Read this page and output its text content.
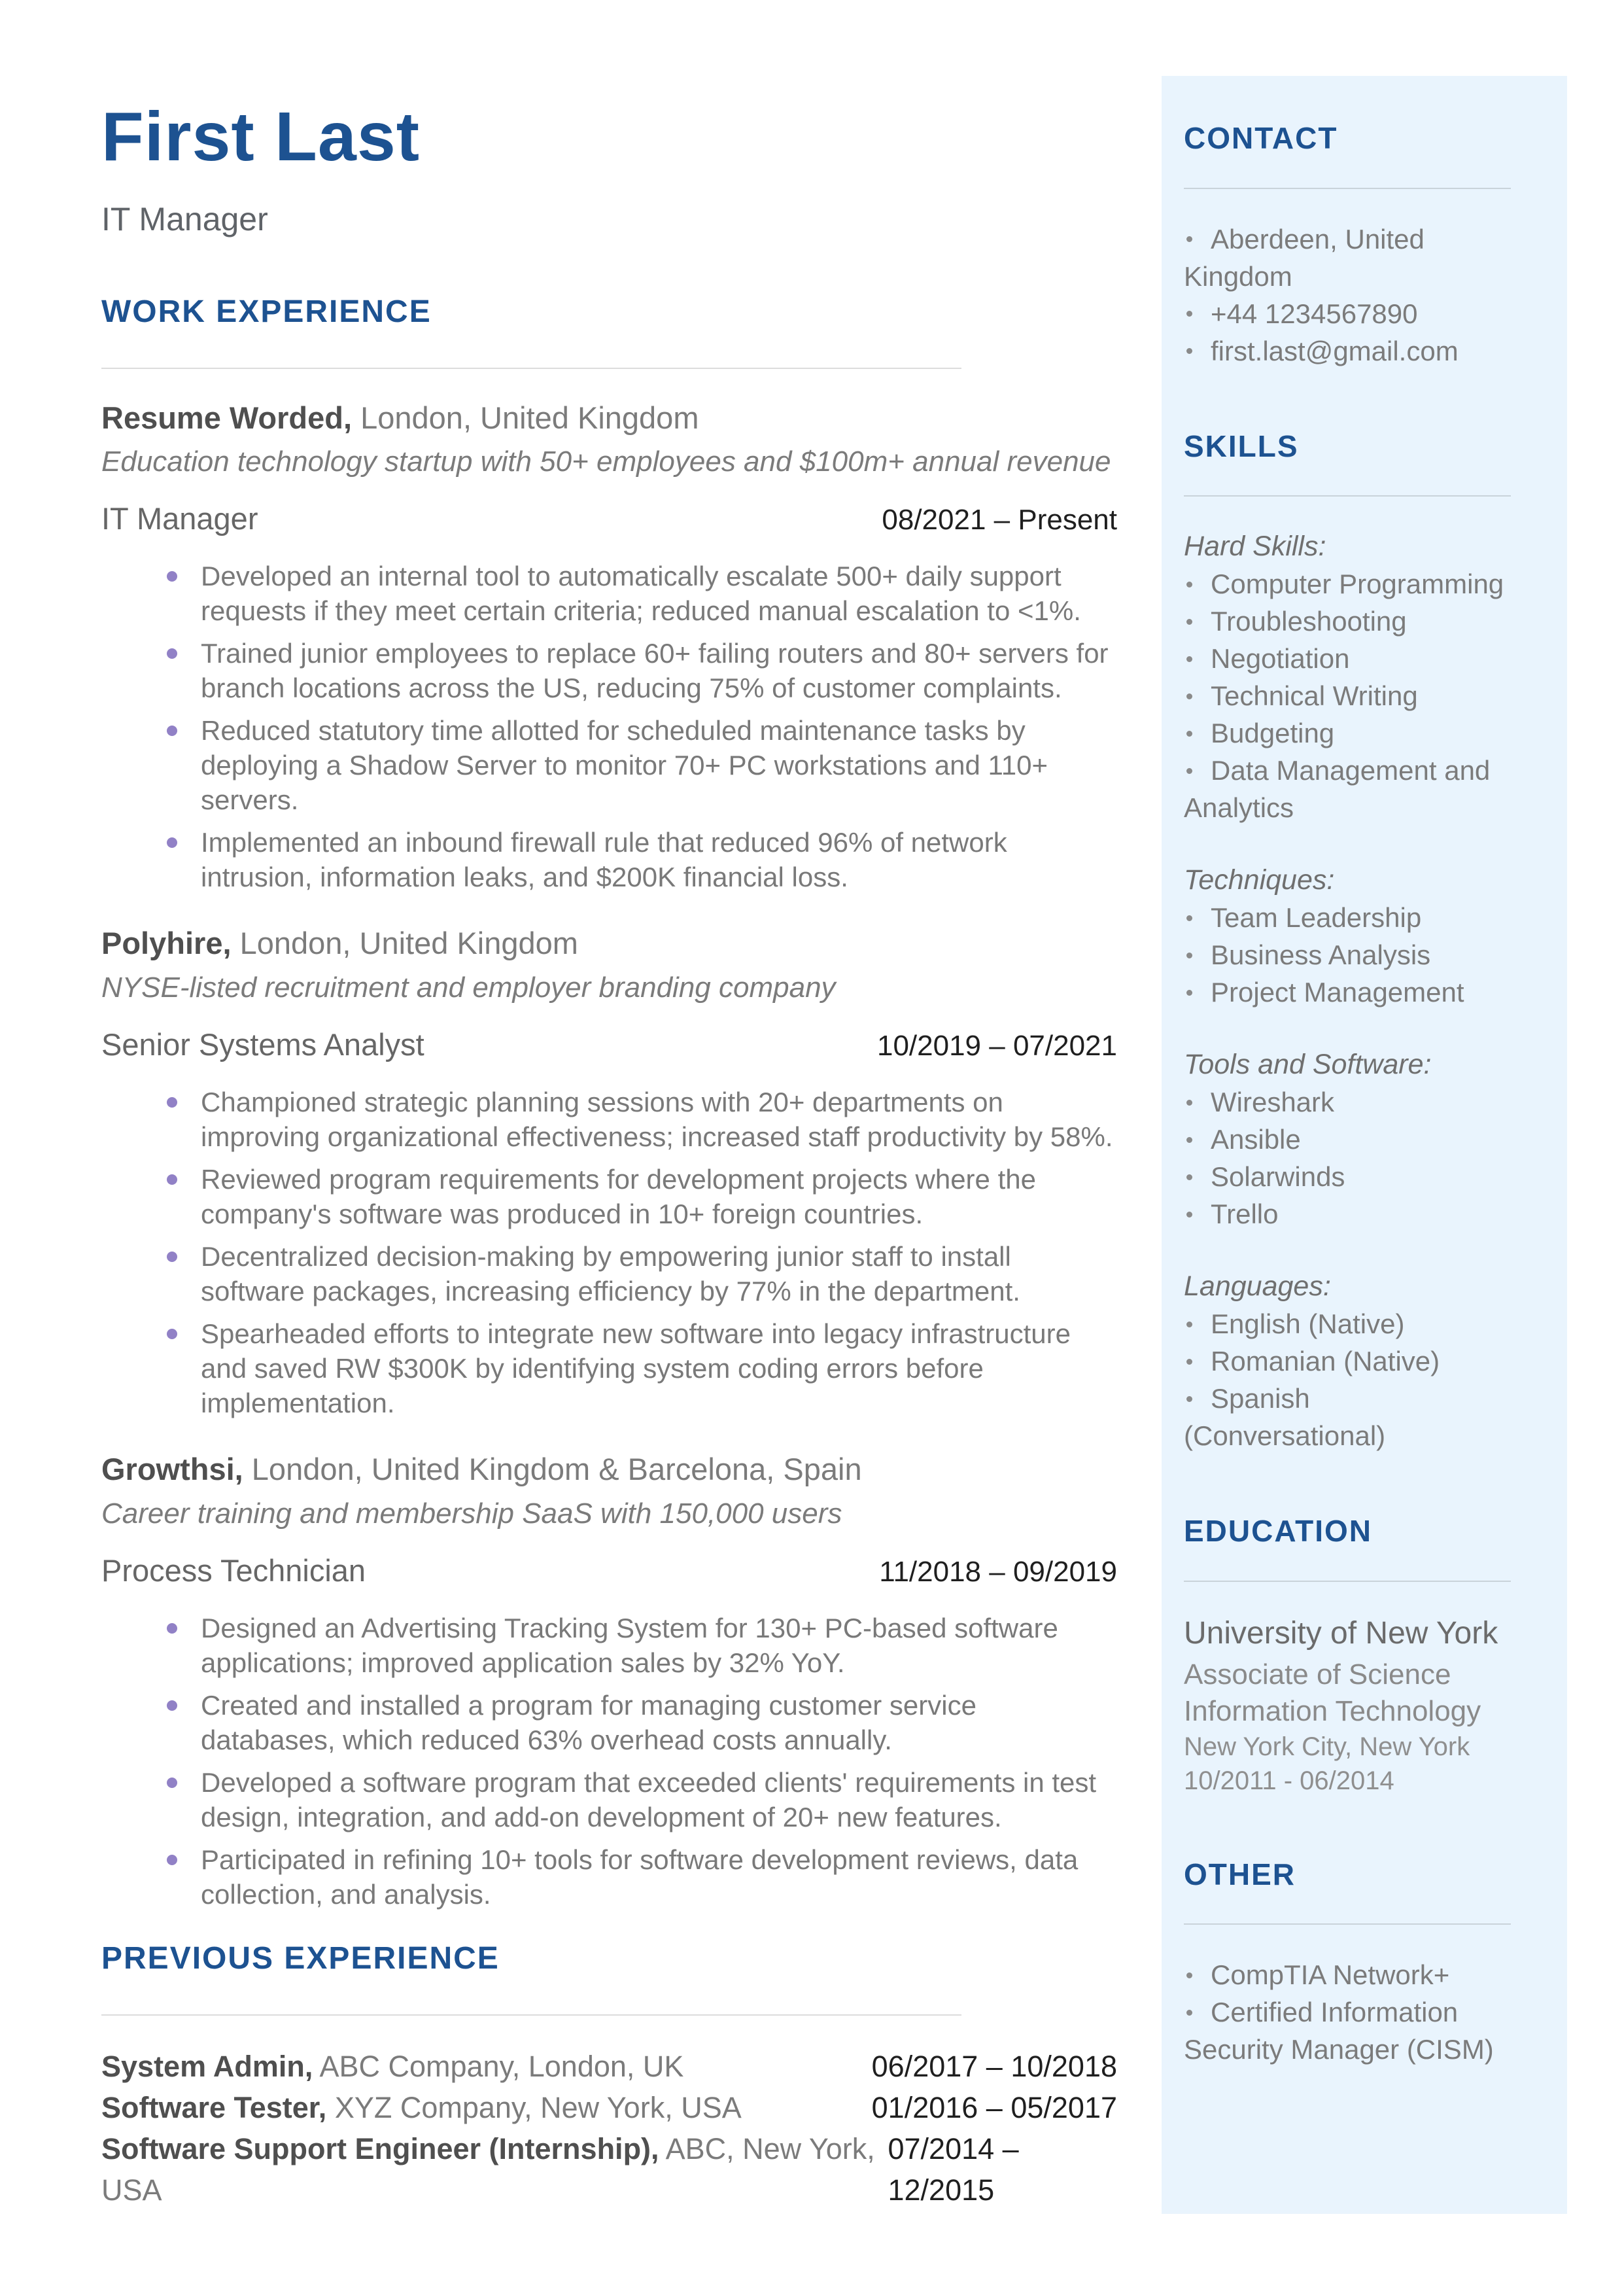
First Last
IT Manager
WORK EXPERIENCE
Resume Worded, London, United Kingdom
Education technology startup with 50+ employees and $100m+ annual revenue
IT Manager	08/2021 – Present
Developed an internal tool to automatically escalate 500+ daily support requests if they meet certain criteria; reduced manual escalation to <1%.
Trained junior employees to replace 60+ failing routers and 80+ servers for branch locations across the US, reducing 75% of customer complaints.
Reduced statutory time allotted for scheduled maintenance tasks by deploying a Shadow Server to monitor 70+ PC workstations and 110+ servers.
Implemented an inbound firewall rule that reduced 96% of network intrusion, information leaks, and $200K financial loss.
Polyhire, London, United Kingdom
NYSE-listed recruitment and employer branding company
Senior Systems Analyst	10/2019 – 07/2021
Championed strategic planning sessions with 20+ departments on improving organizational effectiveness; increased staff productivity by 58%.
Reviewed program requirements for development projects where the company's software was produced in 10+ foreign countries.
Decentralized decision-making by empowering junior staff to install software packages, increasing efficiency by 77% in the department.
Spearheaded efforts to integrate new software into legacy infrastructure and saved RW $300K by identifying system coding errors before implementation.
Growthsi, London, United Kingdom & Barcelona, Spain
Career training and membership SaaS with 150,000 users
Process Technician	11/2018 – 09/2019
Designed an Advertising Tracking System for 130+ PC-based software applications; improved application sales by 32% YoY.
Created and installed a program for managing customer service databases, which reduced 63% overhead costs annually.
Developed a software program that exceeded clients' requirements in test design, integration, and add-on development of 20+ new features.
Participated in refining 10+ tools for software development reviews, data collection, and analysis.
PREVIOUS EXPERIENCE
System Admin, ABC Company, London, UK	06/2017 – 10/2018
Software Tester, XYZ Company, New York, USA	01/2016 – 05/2017
Software Support Engineer (Internship), ABC, New York, USA
07/2014 – 12/2015
CONTACT
Aberdeen, United Kingdom
+44 1234567890
first.last@gmail.com
SKILLS
Hard Skills:
Computer Programming
Troubleshooting
Negotiation
Technical Writing
Budgeting
Data Management and Analytics
Techniques:
Team Leadership
Business Analysis
Project Management
Tools and Software:
Wireshark
Ansible
Solarwinds
Trello
Languages:
English (Native)
Romanian (Native)
Spanish (Conversational)
EDUCATION
University of New York
Associate of Science
Information Technology
New York City, New York
10/2011 - 06/2014
OTHER
CompTIA Network+
Certified Information Security Manager (CISM)
